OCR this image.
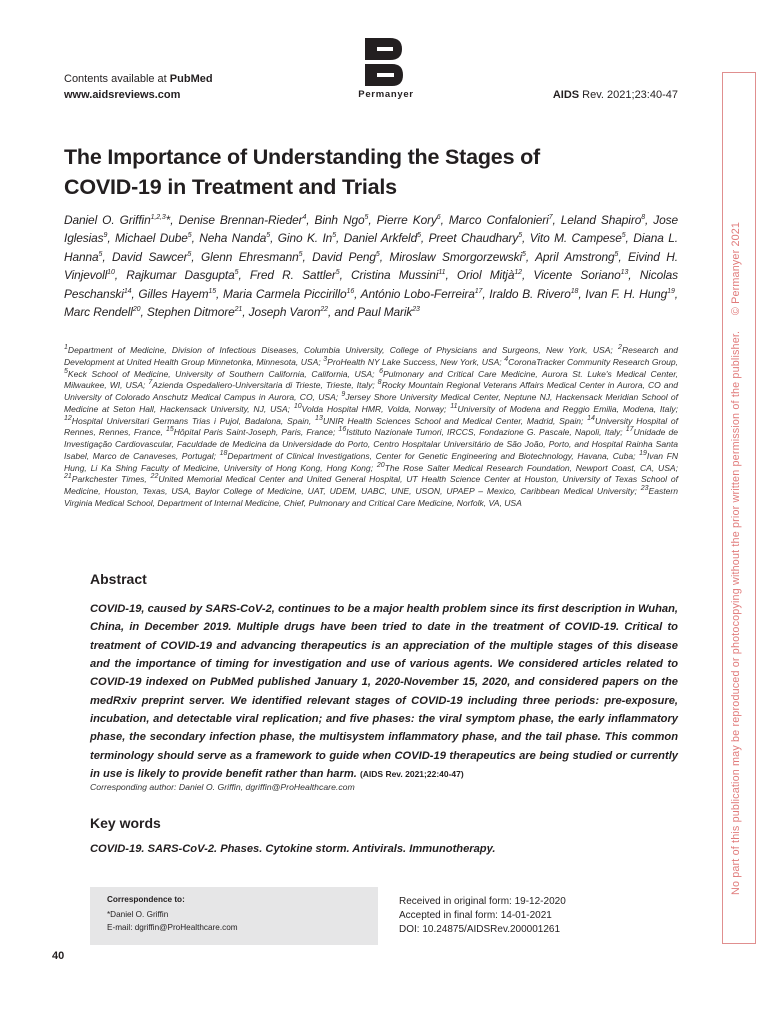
Contents available at PubMed
www.aidsreviews.com	Permanyer	AIDS Rev. 2021;23:40-47
The Importance of Understanding the Stages of
COVID-19 in Treatment and Trials
Daniel O. Griffin$^{1,2,3}$*, Denise Brennan-Rieder$^4$, Binh Ngo$^5$, Pierre Kory$^6$, Marco Confalonieri$^7$, Leland Shapiro$^8$, Jose Iglesias$^9$, Michael Dube$^5$, Neha Nanda$^5$, Gino K. In$^5$, Daniel Arkfeld$^5$, Preet Chaudhary$^5$, Vito M. Campese$^5$, Diana L. Hanna$^5$, David Sawcer$^5$, Glenn Ehresmann$^5$, David Peng$^5$, Miroslaw Smorgorzewski$^5$, April Amstrong$^5$, Eivind H. Vinjevoll$^{10}$, Rajkumar Dasgupta$^5$, Fred R. Sattler$^5$, Cristina Mussini$^{11}$, Oriol Mitjà$^{12}$, Vicente Soriano$^{13}$, Nicolas Peschanski$^{14}$, Gilles Hayem$^{15}$, Maria Carmela Piccirillo$^{16}$, António Lobo-Ferreira$^{17}$, Iraldo B. Rivero$^{18}$, Ivan F. H. Hung$^{19}$, Marc Rendell$^{20}$, Stephen Ditmore$^{21}$, Joseph Varon$^{22}$, and Paul Marik$^{23}$
$^1$Department of Medicine, Division of Infectious Diseases, Columbia University, College of Physicians and Surgeons, New York, USA; $^2$Research and Development at United Health Group Minnetonka, Minnesota, USA; $^3$ProHealth NY Lake Success, New York, USA; $^4$CoronaTracker Community Research Group, $^5$Keck School of Medicine, University of Southern California, California, USA; $^6$Pulmonary and Critical Care Medicine, Aurora St. Luke's Medical Center, Milwaukee, WI, USA; $^7$Azienda Ospedaliero-Universitaria di Trieste, Trieste, Italy; $^8$Rocky Mountain Regional Veterans Affairs Medical Center in Aurora, CO and University of Colorado Anschutz Medical Campus in Aurora, CO, USA; $^9$Jersey Shore University Medical Center, Neptune NJ, Hackensack Meridian School of Medicine at Seton Hall, Hackensack University, NJ, USA; $^{10}$Volda Hospital HMR, Volda, Norway; $^{11}$University of Modena and Reggio Emilia, Modena, Italy; $^{12}$Hospital Universitari Germans Trias i Pujol, Badalona, Spain, $^{13}$UNIR Health Sciences School and Medical Center, Madrid, Spain; $^{14}$University Hospital of Rennes, Rennes, France, $^{15}$Hôpital Paris Saint-Joseph, Paris, France; $^{16}$Istituto Nazionale Tumori, IRCCS, Fondazione G. Pascale, Napoli, Italy; $^{17}$Unidade de Investigação Cardiovascular, Faculdade de Medicina da Universidade do Porto, Centro Hospitalar Universitário de São João, Porto, and Hospital Rainha Santa Isabel, Marco de Canaveses, Portugal; $^{18}$Department of Clinical Investigations, Center for Genetic Engineering and Biotechnology, Havana, Cuba; $^{19}$Ivan FN Hung, Li Ka Shing Faculty of Medicine, University of Hong Kong, Hong Kong; $^{20}$The Rose Salter Medical Research Foundation, Newport Coast, CA, USA; $^{21}$Parkchester Times, $^{22}$United Memorial Medical Center and United General Hospital, UT Health Science Center at Houston, University of Texas School of Medicine, Houston, Texas, USA, Baylor College of Medicine, UAT, UDEM, UABC, UNE, USON, UPAEP – Mexico, Caribbean Medical University; $^{23}$Eastern Virginia Medical School, Department of Internal Medicine, Chief, Pulmonary and Critical Care Medicine, Norfolk, VA, USA
Abstract
COVID-19, caused by SARS-CoV-2, continues to be a major health problem since its first description in Wuhan, China, in December 2019. Multiple drugs have been tried to date in the treatment of COVID-19. Critical to treatment of COVID-19 and advancing therapeutics is an appreciation of the multiple stages of this disease and the importance of timing for investigation and use of various agents. We considered articles related to COVID-19 indexed on PubMed published January 1, 2020-November 15, 2020, and considered papers on the medRxiv preprint server. We identified relevant stages of COVID-19 including three periods: pre-exposure, incubation, and detectable viral replication; and five phases: the viral symptom phase, the early inflammatory phase, the secondary infection phase, the multisystem inflammatory phase, and the tail phase. This common terminology should serve as a framework to guide when COVID-19 therapeutics are being studied or currently in use is likely to provide benefit rather than harm. (AIDS Rev. 2021;22:40-47)
Corresponding author: Daniel O. Griffin, dgriffin@ProHealthcare.com
Key words
COVID-19. SARS-CoV-2. Phases. Cytokine storm. Antivirals. Immunotherapy.
Correspondence to:
*Daniel O. Griffin
E-mail: dgriffin@ProHealthcare.com
Received in original form: 19-12-2020
Accepted in final form: 14-01-2021
DOI: 10.24875/AIDSRev.200001261
40
No part of this publication may be reproduced or photocopying without the prior written permission of the publisher.     © Permanyer 2021
